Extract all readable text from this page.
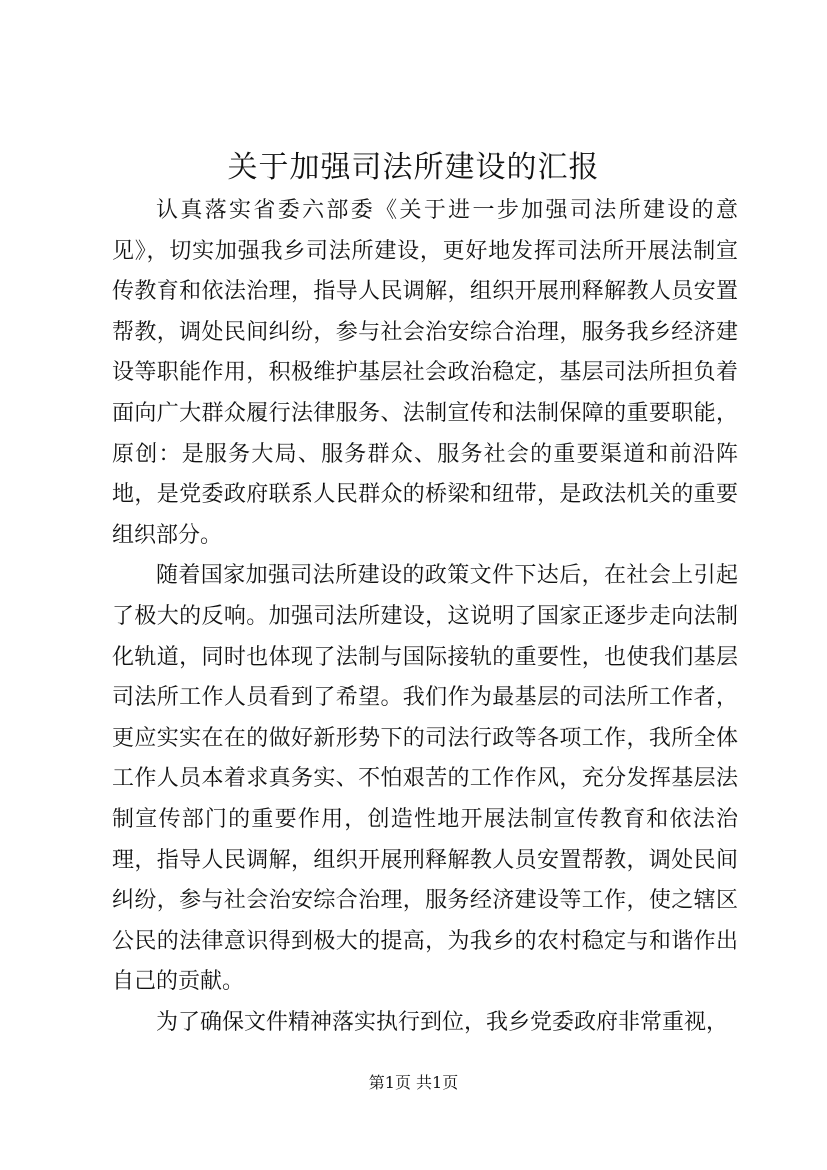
关于加强司法所建设的汇报

认真落实省委六部委《关于进一步加强司法所建设的意见》，切实加强我乡司法所建设，更好地发挥司法所开展法制宣传教育和依法治理，指导人民调解，组织开展刑释解教人员安置帮教，调处民间纠纷，参与社会治安综合治理，服务我乡经济建设等职能作用，积极维护基层社会政治稳定，基层司法所担负着面向广大群众履行法律服务、法制宣传和法制保障的重要职能，原创：是服务大局、服务群众、服务社会的重要渠道和前沿阵地，是党委政府联系人民群众的桥梁和纽带，是政法机关的重要组织部分。

随着国家加强司法所建设的政策文件下达后，在社会上引起了极大的反响。加强司法所建设，这说明了国家正逐步走向法制化轨道，同时也体现了法制与国际接轨的重要性，也使我们基层司法所工作人员看到了希望。我们作为最基层的司法所工作者，更应实实在在的做好新形势下的司法行政等各项工作，我所全体工作人员本着求真务实、不怕艰苦的工作作风，充分发挥基层法制宣传部门的重要作用，创造性地开展法制宣传教育和依法治理，指导人民调解，组织开展刑释解教人员安置帮教，调处民间纠纷，参与社会治安综合治理，服务经济建设等工作，使之辖区公民的法律意识得到极大的提高，为我乡的农村稳定与和谐作出自己的贡献。

为了确保文件精神落实执行到位，我乡党委政府非常重视，

第1页 共1页
